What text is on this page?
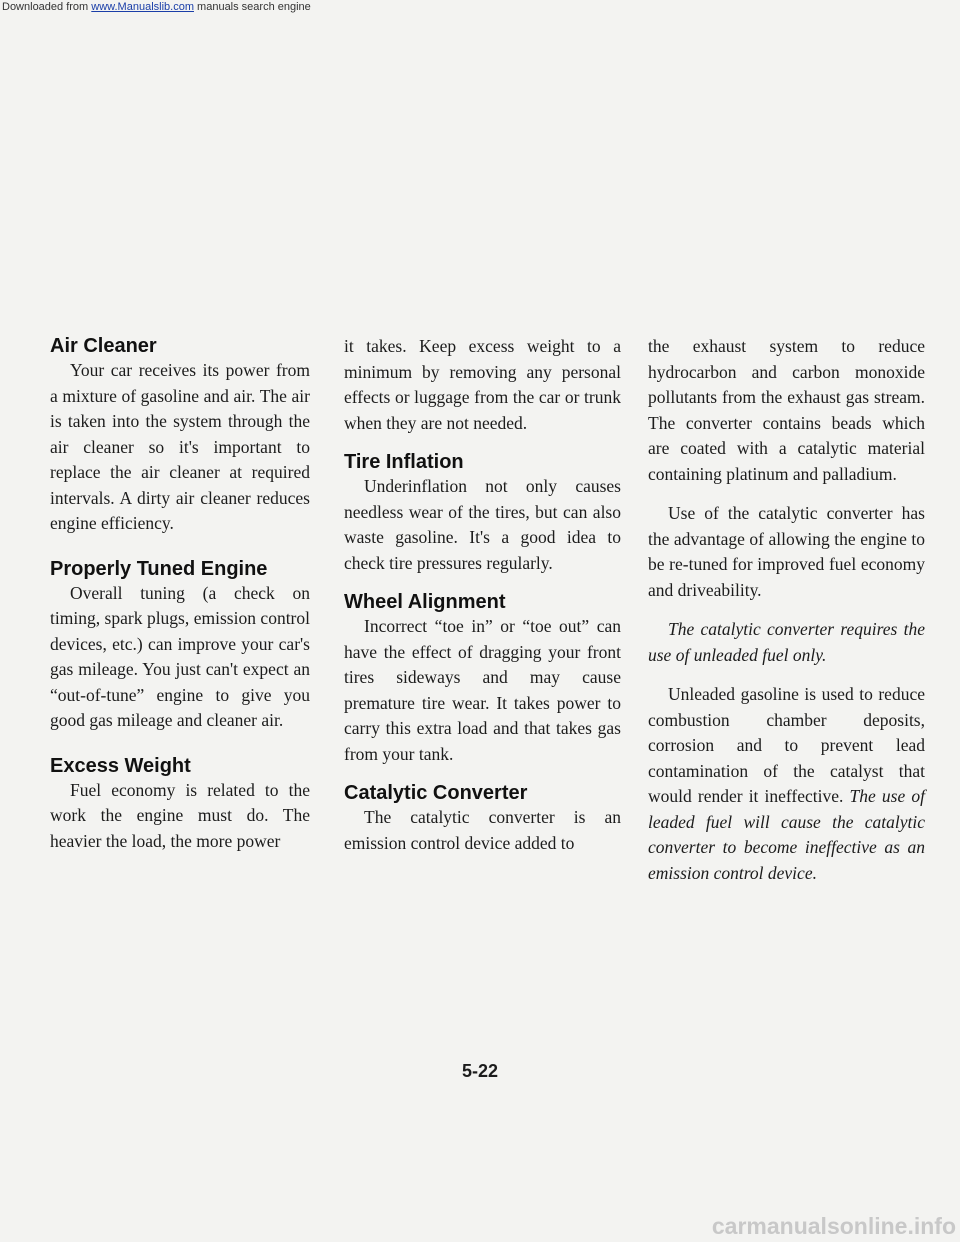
Downloaded from www.Manualslib.com manuals search engine
Air Cleaner

Your car receives its power from a mixture of gasoline and air. The air is taken into the system through the air cleaner so it's important to replace the air cleaner at required intervals. A dirty air cleaner reduces engine efficiency.

Properly Tuned Engine

Overall tuning (a check on timing, spark plugs, emission control devices, etc.) can improve your car's gas mileage. You just can't expect an “out-of-tune” engine to give you good gas mileage and cleaner air.

Excess Weight

Fuel economy is related to the work the engine must do. The heavier the load, the more power

it takes. Keep excess weight to a minimum by removing any personal effects or luggage from the car or trunk when they are not needed.

Tire Inflation

Underinflation not only causes needless wear of the tires, but can also waste gasoline. It's a good idea to check tire pressures regularly.

Wheel Alignment

Incorrect “toe in” or “toe out” can have the effect of dragging your front tires sideways and may cause premature tire wear. It takes power to carry this extra load and that takes gas from your tank.

Catalytic Converter

The catalytic converter is an emission control device added to

the exhaust system to reduce hydrocarbon and carbon monoxide pollutants from the exhaust gas stream. The converter contains beads which are coated with a catalytic material containing platinum and palladium.

Use of the catalytic converter has the advantage of allowing the engine to be re-tuned for improved fuel economy and driveability.

The catalytic converter requires the use of unleaded fuel only.

Unleaded gasoline is used to reduce combustion chamber deposits, corrosion and to prevent lead contamination of the catalyst that would render it ineffective. The use of leaded fuel will cause the catalytic converter to become ineffective as an emission control device.

5-22
carmanualsonline.info
